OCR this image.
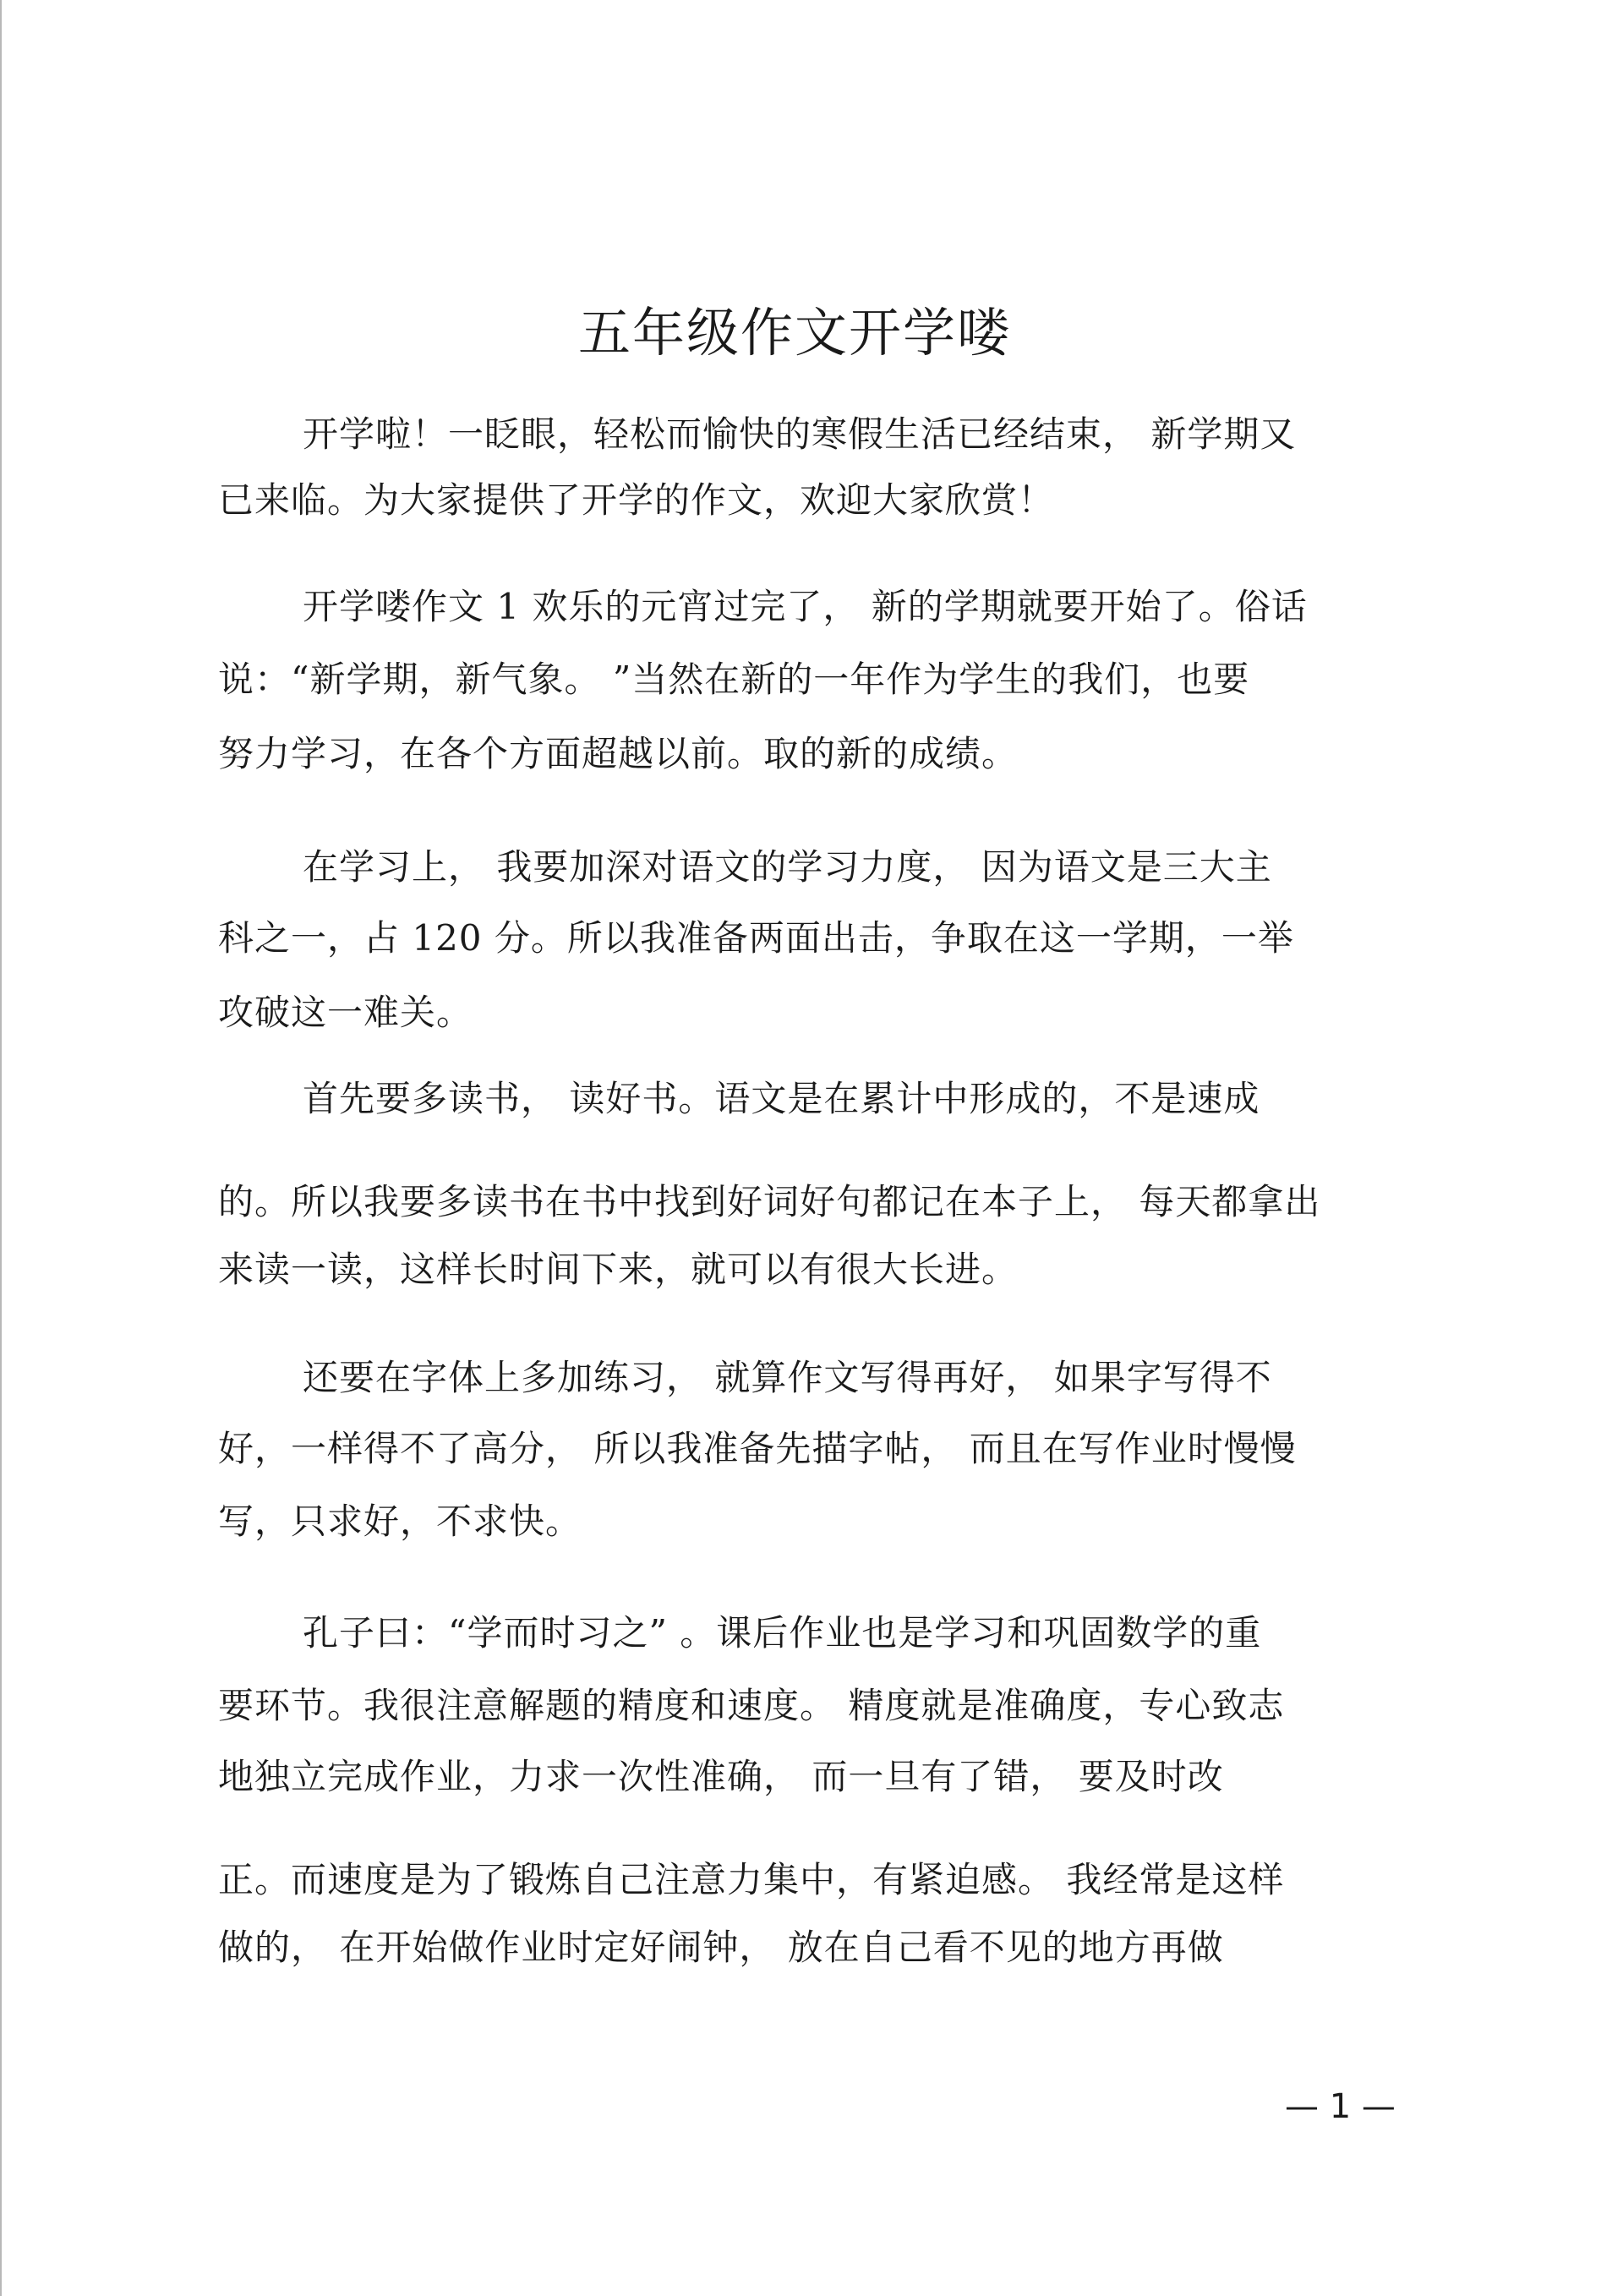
五年级作文开学喽
开学啦！一眨眼，轻松而愉快的寒假生活已经结束， 新学期又
已来临。为大家提供了开学的作文，欢迎大家欣赏！
开学喽作文 1 欢乐的元宵过完了， 新的学期就要开始了。俗话
说：“新学期，新气象。 ”当然在新的一年作为学生的我们，也要
努力学习，在各个方面超越以前。取的新的成绩。
在学习上， 我要加深对语文的学习力度， 因为语文是三大主
科之一，占 120 分。所以我准备两面出击，争取在这一学期，一举
攻破这一难关。
首先要多读书， 读好书。语文是在累计中形成的，不是速成
的。所以我要多读书在书中找到好词好句都记在本子上， 每天都拿出
来读一读，这样长时间下来，就可以有很大长进。
还要在字体上多加练习， 就算作文写得再好， 如果字写得不
好，一样得不了高分， 所以我准备先描字帖， 而且在写作业时慢慢
写，只求好，不求快。
孔子曰：“学而时习之” 。课后作业也是学习和巩固数学的重
要环节。我很注意解题的精度和速度。 精度就是准确度，专心致志
地独立完成作业，力求一次性准确， 而一旦有了错， 要及时改
正。而速度是为了锻炼自己注意力集中，有紧迫感。 我经常是这样
做的， 在开始做作业时定好闹钟， 放在自己看不见的地方再做
— 1 —
